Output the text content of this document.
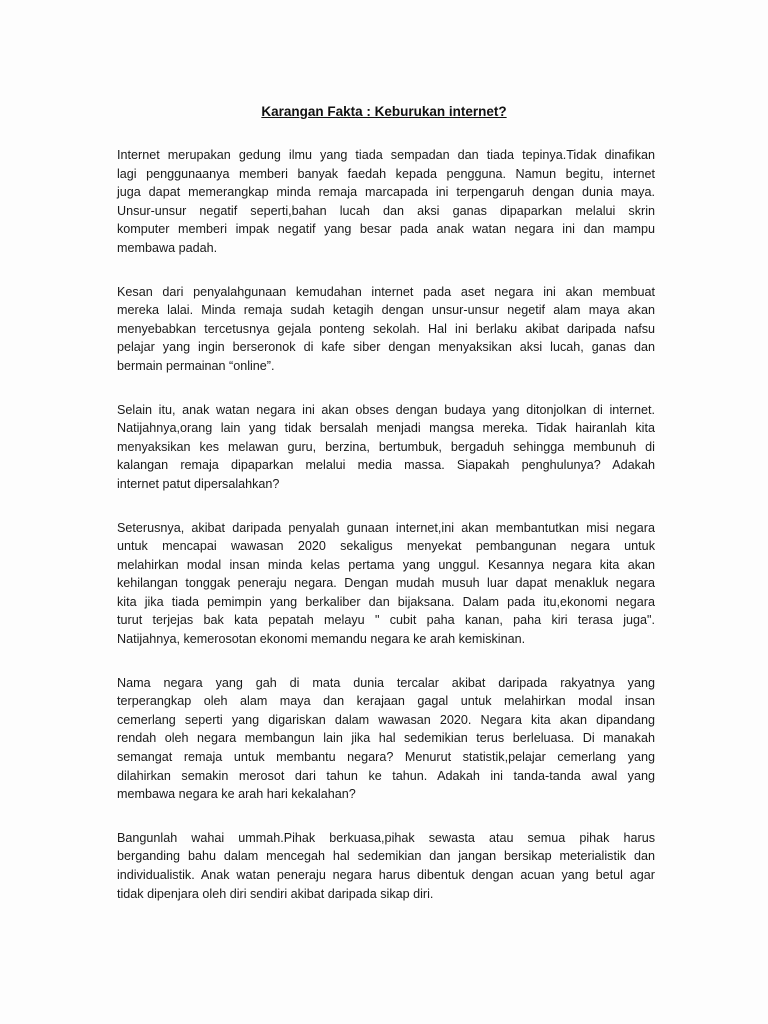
Karangan Fakta : Keburukan internet?
Internet merupakan gedung ilmu yang tiada sempadan dan tiada tepinya.Tidak dinafikan
lagi penggunaanya memberi banyak faedah kepada pengguna. Namun begitu, internet
juga dapat memerangkap minda remaja marcapada ini terpengaruh dengan dunia maya.
Unsur-unsur negatif seperti,bahan lucah dan aksi ganas dipaparkan melalui skrin
komputer memberi impak negatif yang besar pada anak watan negara ini dan mampu
membawa padah.
Kesan dari penyalahgunaan kemudahan internet pada aset negara ini akan membuat
mereka lalai. Minda remaja sudah ketagih dengan unsur-unsur negetif alam maya akan
menyebabkan tercetusnya gejala ponteng sekolah. Hal ini berlaku akibat daripada nafsu
pelajar yang ingin berseronok di kafe siber dengan menyaksikan aksi lucah, ganas dan
bermain permainan “online”.
Selain itu, anak watan negara ini akan obses dengan budaya yang ditonjolkan di internet.
Natijahnya,orang lain yang tidak bersalah menjadi mangsa mereka. Tidak hairanlah kita
menyaksikan kes melawan guru, berzina, bertumbuk, bergaduh sehingga membunuh di
kalangan remaja dipaparkan melalui media massa. Siapakah penghulunya? Adakah
internet patut dipersalahkan?
Seterusnya, akibat daripada penyalah gunaan internet,ini akan membantutkan misi negara
untuk mencapai wawasan 2020 sekaligus menyekat pembangunan negara untuk
melahirkan modal insan minda kelas pertama yang unggul. Kesannya negara kita akan
kehilangan tonggak peneraju negara. Dengan mudah musuh luar dapat menakluk negara
kita jika tiada pemimpin yang berkaliber dan bijaksana. Dalam pada itu,ekonomi negara
turut terjejas bak kata pepatah melayu " cubit paha kanan, paha kiri terasa juga".
Natijahnya, kemerosotan ekonomi memandu negara ke arah kemiskinan.
Nama negara yang gah di mata dunia tercalar akibat daripada rakyatnya yang
terperangkap oleh alam maya dan kerajaan gagal untuk melahirkan modal insan
cemerlang seperti yang digariskan dalam wawasan 2020. Negara kita akan dipandang
rendah oleh negara membangun lain jika hal sedemikian terus berleluasa. Di manakah
semangat remaja untuk membantu negara? Menurut statistik,pelajar cemerlang yang
dilahirkan semakin merosot dari tahun ke tahun. Adakah ini tanda-tanda awal yang
membawa negara ke arah hari kekalahan?
Bangunlah wahai ummah.Pihak berkuasa,pihak sewasta atau semua pihak harus
berganding bahu dalam mencegah hal sedemikian dan jangan bersikap meterialistik dan
individualistik. Anak watan peneraju negara harus dibentuk dengan acuan yang betul agar
tidak dipenjara oleh diri sendiri akibat daripada sikap diri.
